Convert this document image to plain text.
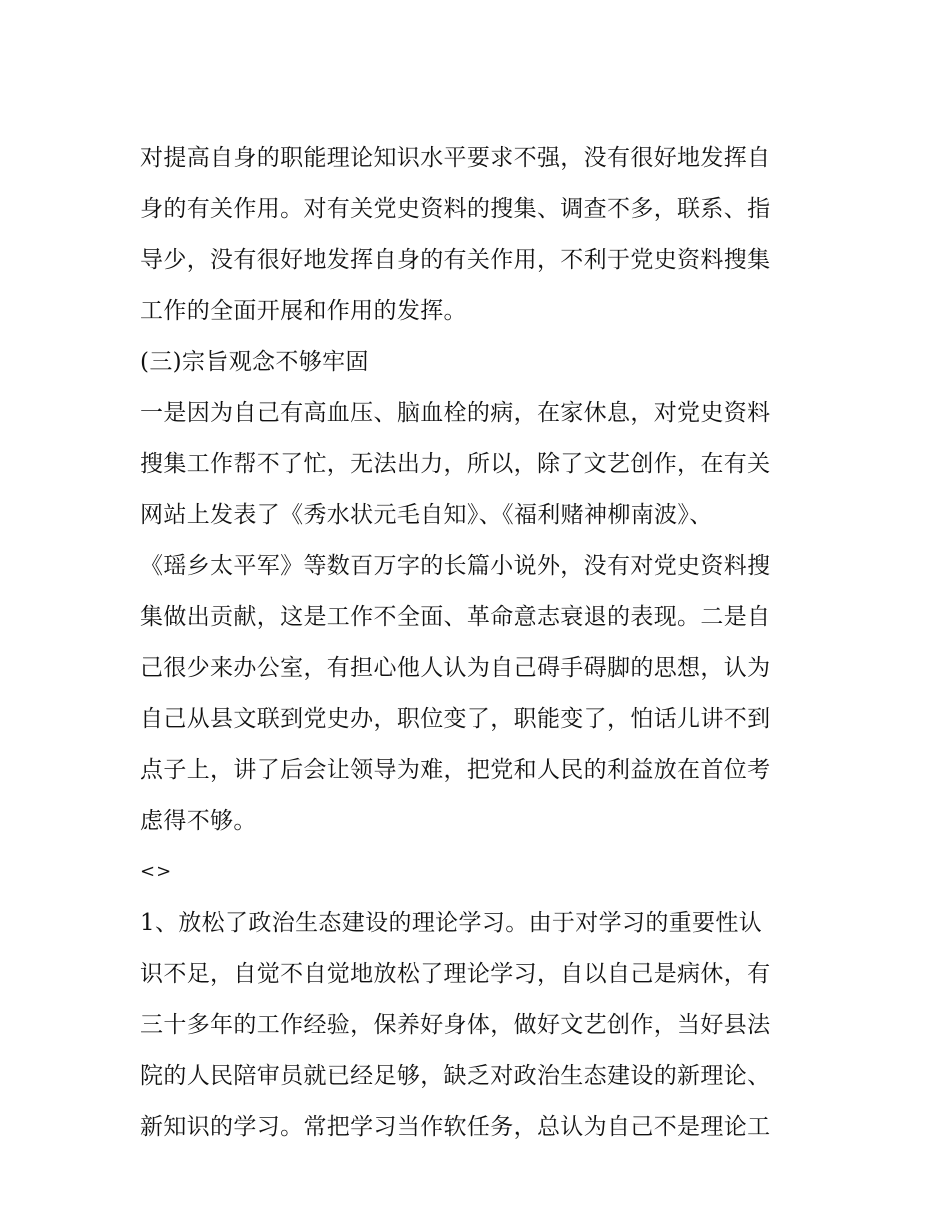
对提高自身的职能理论知识水平要求不强，没有很好地发挥自
身的有关作用。对有关党史资料的搜集、调查不多，联系、指
导少，没有很好地发挥自身的有关作用，不利于党史资料搜集
工作的全面开展和作用的发挥。
(三)宗旨观念不够牢固
一是因为自己有高血压、脑血栓的病，在家休息，对党史资料
搜集工作帮不了忙，无法出力，所以，除了文艺创作，在有关
网站上发表了《秀水状元毛自知》、《福利赌神柳南波》、
《瑶乡太平军》等数百万字的长篇小说外，没有对党史资料搜
集做出贡献，这是工作不全面、革命意志衰退的表现。二是自
己很少来办公室，有担心他人认为自己碍手碍脚的思想，认为
自己从县文联到党史办，职位变了，职能变了，怕话儿讲不到
点子上，讲了后会让领导为难，把党和人民的利益放在首位考
虑得不够。
<>
1、放松了政治生态建设的理论学习。由于对学习的重要性认
识不足，自觉不自觉地放松了理论学习，自以自己是病休，有
三十多年的工作经验，保养好身体，做好文艺创作，当好县法
院的人民陪审员就已经足够，缺乏对政治生态建设的新理论、
新知识的学习。常把学习当作软任务，总认为自己不是理论工
